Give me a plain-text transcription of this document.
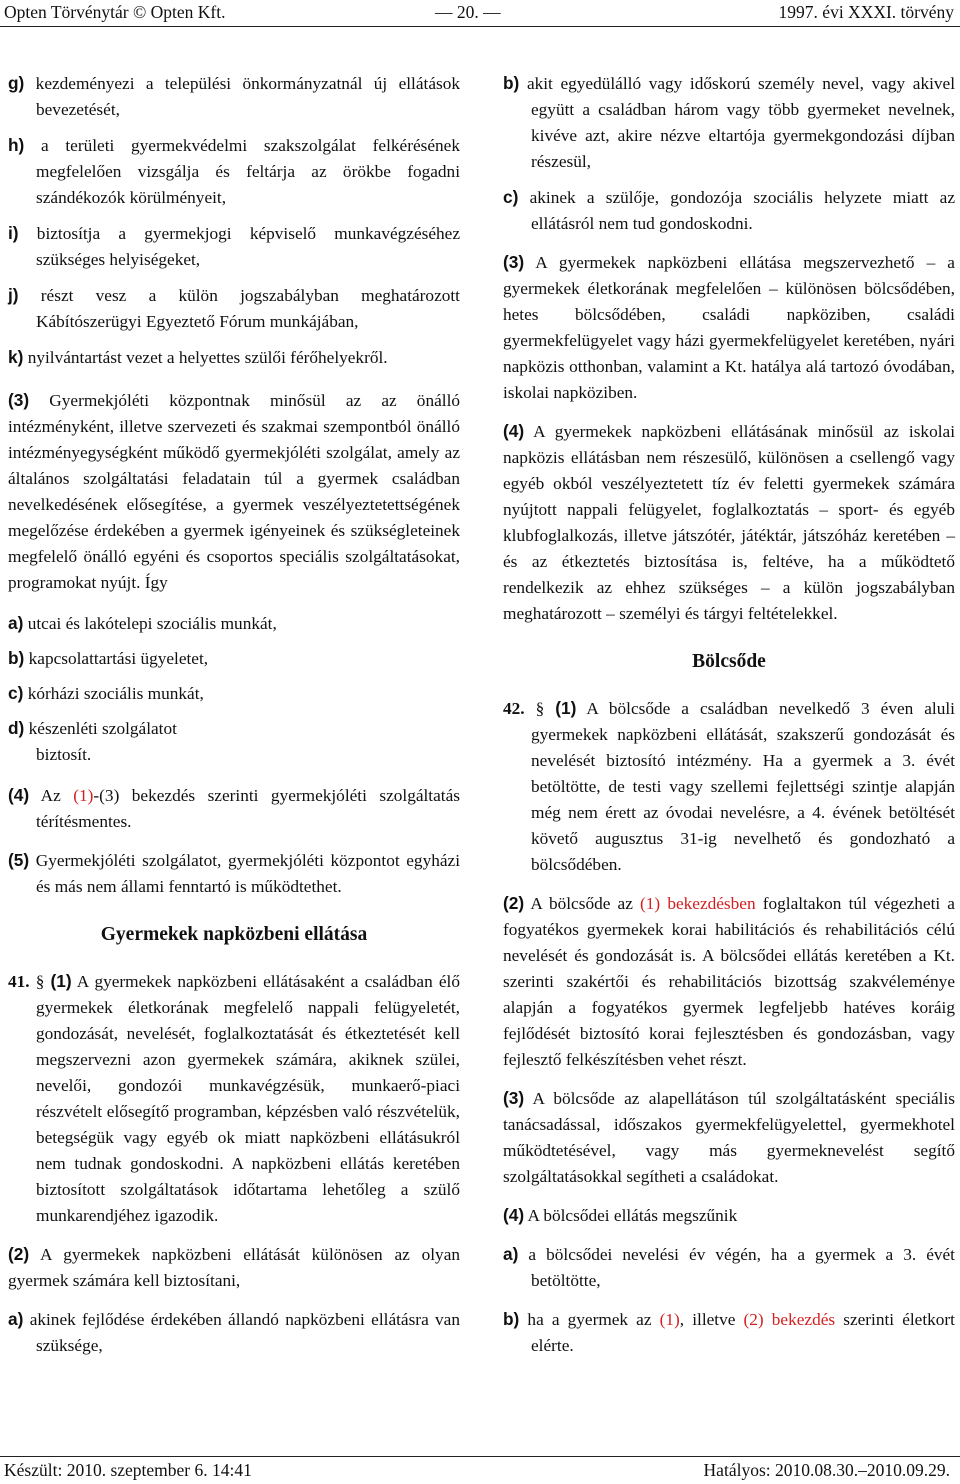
Opten Törvénytár © Opten Kft.	— 20. —	1997. évi XXXI. törvény

g) kezdeményezi a települési önkormányzatnál új ellátások bevezetését,

h) a területi gyermekvédelmi szakszolgálat felkérésének megfelelően vizsgálja és feltárja az örökbe fogadni szándékozók körülményeit,

i) biztosítja a gyermekjogi képviselő munkavégzéséhez szükséges helyiségeket,

j) részt vesz a külön jogszabályban meghatározott Kábítószerügyi Egyeztető Fórum munkájában,

k) nyilvántartást vezet a helyettes szülői férőhelyekről.

(3) Gyermekjóléti központnak minősül az az önálló intézményként, illetve szervezeti és szakmai szempontból önálló intézményegységként működő gyermekjóléti szolgálat, amely az általános szolgáltatási feladatain túl a gyermek családban nevelkedésének elősegítése, a gyermek veszélyeztetettségének megelőzése érdekében a gyermek igényeinek és szükségleteinek megfelelő önálló egyéni és csoportos speciális szolgáltatásokat, programokat nyújt. Így

a) utcai és lakótelepi szociális munkát,

b) kapcsolattartási ügyeletet,

c) kórházi szociális munkát,

d) készenléti szolgálatot

biztosít.

(4) Az (1)-(3) bekezdés szerinti gyermekjóléti szolgáltatás térítésmentes.

(5) Gyermekjóléti szolgálatot, gyermekjóléti központot egyházi és más nem állami fenntartó is működtethet.

Gyermekek napközbeni ellátása

41. § (1) A gyermekek napközbeni ellátásaként a családban élő gyermekek életkorának megfelelő nappali felügyeletét, gondozását, nevelését, foglalkoztatását és étkeztetését kell megszervezni azon gyermekek számára, akiknek szülei, nevelői, gondozói munkavégzésük, munkaerő-piaci részvételt elősegítő programban, képzésben való részvételük, betegségük vagy egyéb ok miatt napközbeni ellátásukról nem tudnak gondoskodni. A napközbeni ellátás keretében biztosított szolgáltatások időtartama lehetőleg a szülő munkarendjéhez igazodik.

(2) A gyermekek napközbeni ellátását különösen az olyan gyermek számára kell biztosítani,

a) akinek fejlődése érdekében állandó napközbeni ellátásra van szüksége,

b) akit egyedülálló vagy időskorú személy nevel, vagy akivel együtt a családban három vagy több gyermeket nevelnek, kivéve azt, akire nézve eltartója gyermekgondozási díjban részesül,

c) akinek a szülője, gondozója szociális helyzete miatt az ellátásról nem tud gondoskodni.

(3) A gyermekek napközbeni ellátása megszervezhető – a gyermekek életkorának megfelelően – különösen bölcsődében, hetes bölcsődében, családi napköziben, családi gyermekfelügyelet vagy házi gyermekfelügyelet keretében, nyári napközis otthonban, valamint a Kt. hatálya alá tartozó óvodában, iskolai napköziben.

(4) A gyermekek napközbeni ellátásának minősül az iskolai napközis ellátásban nem részesülő, különösen a csellengő vagy egyéb okból veszélyeztetett tíz év feletti gyermekek számára nyújtott nappali felügyelet, foglalkoztatás – sport- és egyéb klubfoglalkozás, illetve játszótér, játéktár, játszóház keretében – és az étkeztetés biztosítása is, feltéve, ha a működtető rendelkezik az ehhez szükséges – a külön jogszabályban meghatározott – személyi és tárgyi feltételekkel.

Bölcsőde

42. § (1) A bölcsőde a családban nevelkedő 3 éven aluli gyermekek napközbeni ellátását, szakszerű gondozását és nevelését biztosító intézmény. Ha a gyermek a 3. évét betöltötte, de testi vagy szellemi fejlettségi szintje alapján még nem érett az óvodai nevelésre, a 4. évének betöltését követő augusztus 31-ig nevelhető és gondozható a bölcsődében.

(2) A bölcsőde az (1) bekezdésben foglaltakon túl végezheti a fogyatékos gyermekek korai habilitációs és rehabilitációs célú nevelését és gondozását is. A bölcsődei ellátás keretében a Kt. szerinti szakértői és rehabilitációs bizottság szakvéleménye alapján a fogyatékos gyermek legfeljebb hatéves koráig fejlődését biztosító korai fejlesztésben és gondozásban, vagy fejlesztő felkészítésben vehet részt.

(3) A bölcsőde az alapellátáson túl szolgáltatásként speciális tanácsadással, időszakos gyermekfelügyelettel, gyermekhotel működtetésével, vagy más gyermeknevelést segítő szolgáltatásokkal segítheti a családokat.

(4) A bölcsődei ellátás megszűnik

a) a bölcsődei nevelési év végén, ha a gyermek a 3. évét betöltötte,

b) ha a gyermek az (1), illetve (2) bekezdés szerinti életkort elérte.

Készült: 2010. szeptember 6. 14:41	Hatályos: 2010.08.30.–2010.09.29.
